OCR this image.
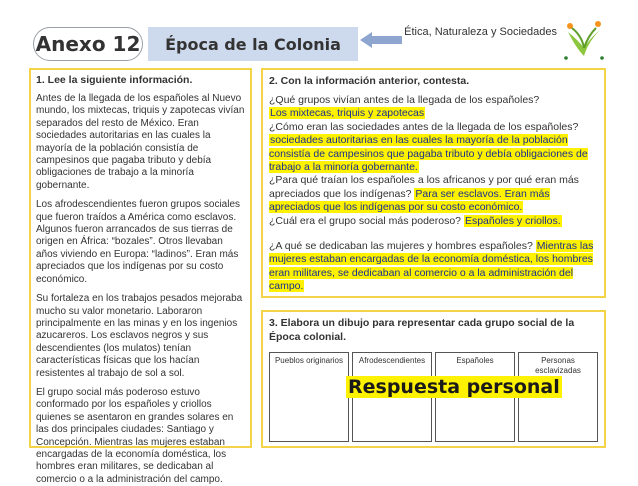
Anexo 12	Época de la Colonia
Ética, Naturaleza y Sociedades
1. Lee la siguiente información.
Antes de la llegada de los españoles al Nuevo mundo, los mixtecas, triquis y zapotecas vivían separados del resto de México. Eran sociedades autoritarias en las cuales la mayoría de la población consistía de campesinos que pagaba tributo y debía obligaciones de trabajo a la minoría gobernante.
Los afrodescendientes fueron grupos sociales que fueron traídos a América como esclavos. Algunos fueron arrancados de sus tierras de origen en África: “bozales”. Otros llevaban años viviendo en Europa: “ladinos”. Eran más apreciados que los indígenas por su costo económico.
Su fortaleza en los trabajos pesados mejoraba mucho su valor monetario. Laboraron principalmente en las minas y en los ingenios azucareros. Los esclavos negros y sus descendientes (los mulatos) tenían características físicas que los hacían resistentes al trabajo de sol a sol.
El grupo social más poderoso estuvo conformado por los españoles y criollos quienes se asentaron en grandes solares en las dos principales ciudades: Santiago y Concepción. Mientras las mujeres estaban encargadas de la economía doméstica, los hombres eran militares, se dedicaban al comercio o a la administración del campo.
2. Con la información anterior, contesta.
¿Qué grupos vivían antes de la llegada de los españoles?
Los mixtecas, triquis y zapotecas
¿Cómo eran las sociedades antes de la llegada de los españoles?
sociedades autoritarias en las cuales la mayoría de la población consistía de campesinos que pagaba tributo y debía obligaciones de trabajo a la minoría gobernante.
¿Para qué traían los españoles a los africanos y por qué eran más apreciados que los indígenas? Para ser esclavos. Eran más apreciados que los indígenas por su costo económico.
¿Cuál era el grupo social más poderoso? Españoles y criollos.
¿A qué se dedicaban las mujeres y hombres españoles? Mientras las mujeres estaban encargadas de la economía doméstica, los hombres eran militares, se dedicaban al comercio o a la administración del campo.
3. Elabora un dibujo para representar cada grupo social de la Época colonial.
Pueblos originarios	Afrodescendientes	Españoles	Personas esclavizadas
Respuesta personal
